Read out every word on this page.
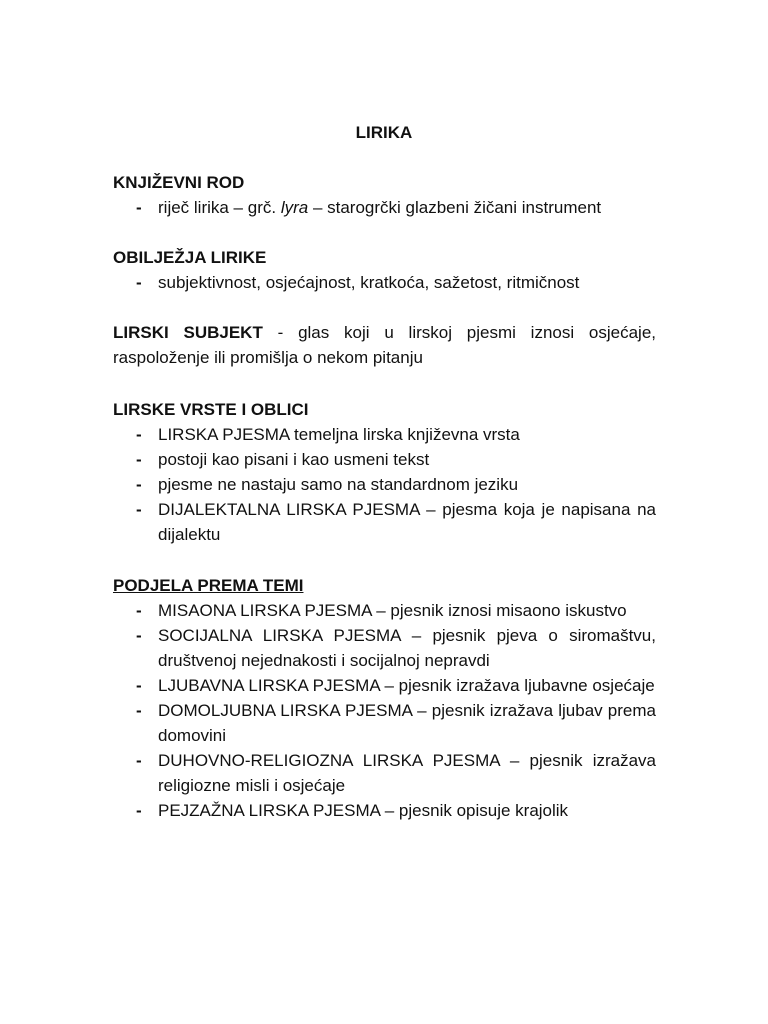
LIRIKA
KNJIŽEVNI ROD
- riječ lirika – grč. lyra – starogrčki glazbeni žičani instrument
OBILJEŽJA LIRIKE
- subjektivnost, osjećajnost, kratkoća, sažetost, ritmičnost
LIRSKI SUBJEKT - glas koji u lirskoj pjesmi iznosi osjećaje, raspoloženje ili promišlja o nekom pitanju
LIRSKE VRSTE I OBLICI
- LIRSKA PJESMA temeljna lirska književna vrsta
- postoji kao pisani i kao usmeni tekst
- pjesme ne nastaju samo na standardnom jeziku
- DIJALEKTALNA LIRSKA PJESMA – pjesma koja je napisana na dijalektu
PODJELA PREMA TEMI
- MISAONA LIRSKA PJESMA – pjesnik iznosi misaono iskustvo
- SOCIJALNA LIRSKA PJESMA – pjesnik pjeva o siromaštvu, društvenoj nejednakosti i socijalnoj nepravdi
- LJUBAVNA LIRSKA PJESMA – pjesnik izražava ljubavne osjećaje
- DOMOLJUBNA LIRSKA PJESMA – pjesnik izražava ljubav prema domovini
- DUHOVNO-RELIGIOZNA LIRSKA PJESMA – pjesnik izražava religiozne misli i osjećaje
- PEJZAŽNA LIRSKA PJESMA – pjesnik opisuje krajolik
